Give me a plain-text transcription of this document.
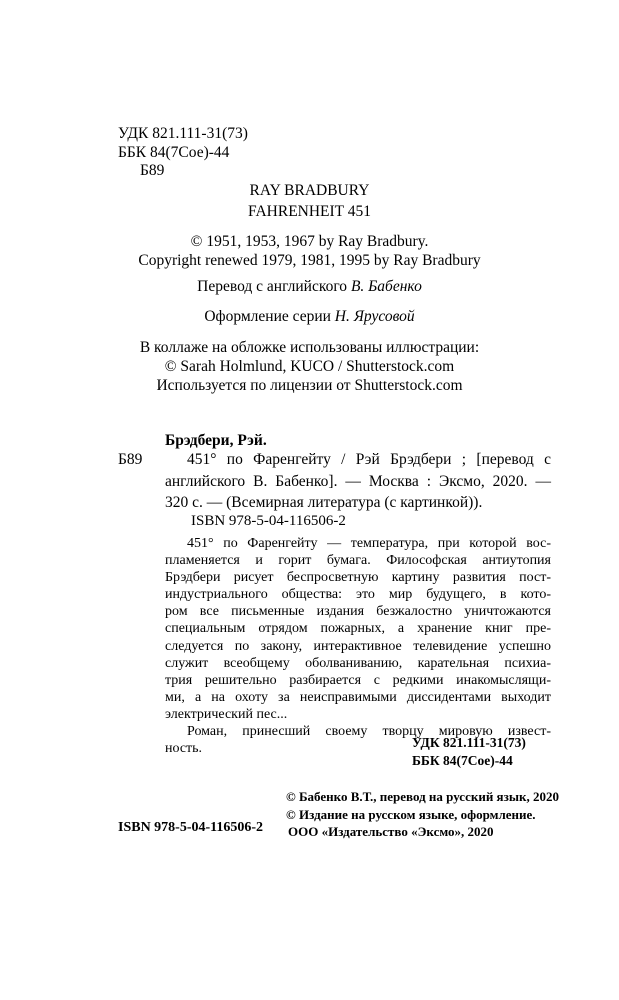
УДК 821.111-31(73)
ББК 84(7Сое)-44
Б89
RAY BRADBURY
FAHRENHEIT 451
© 1951, 1953, 1967 by Ray Bradbury.
Copyright renewed 1979, 1981, 1995 by Ray Bradbury
Перевод с английского В. Бабенко
Оформление серии Н. Ярусовой
В коллаже на обложке использованы иллюстрации:
© Sarah Holmlund, KUCO / Shutterstock.com
Используется по лицензии от Shutterstock.com
Брэдбери, Рэй.
Б89	451° по Фаренгейту / Рэй Брэдбери ; [перевод с
английского В. Бабенко]. — Москва : Эксмо, 2020. —
320 с. — (Всемирная литература (с картинкой)).
ISBN 978-5-04-116506-2
451° по Фаренгейту — температура, при которой вос-
пламеняется и горит бумага. Философская антиутопия
Брэдбери рисует беспросветную картину развития пост-
индустриального общества: это мир будущего, в кото-
ром все письменные издания безжалостно уничтожаются
специальным отрядом пожарных, а хранение книг пре-
следуется по закону, интерактивное телевидение успешно
служит всеобщему оболваниванию, карательная психиа-
трия решительно разбирается с редкими инакомыслящи-
ми, а на охоту за неисправимыми диссидентами выходит
электрический пес...
Роман, принесший своему творцу мировую извест-
ность.	УДК 821.111-31(73)
ББК 84(7Сое)-44
© Бабенко В.Т., перевод на русский язык, 2020
© Издание на русском языке, оформление.
ООО «Издательство «Эксмо», 2020
ISBN 978-5-04-116506-2
